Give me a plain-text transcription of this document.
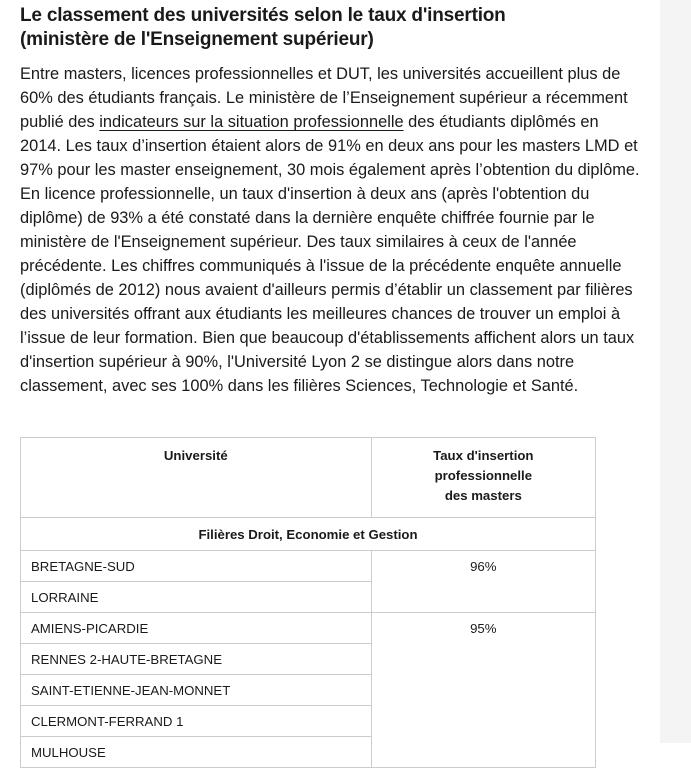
Le classement des universités selon le taux d'insertion
(ministère de l'Enseignement supérieur)

Entre masters, licences professionnelles et DUT, les universités accueillent plus de 60% des étudiants français. Le ministère de l’Enseignement supérieur a récemment publié des indicateurs sur la situation professionnelle des étudiants diplômés en 2014. Les taux d’insertion étaient alors de 91% en deux ans pour les masters LMD et 97% pour les master enseignement, 30 mois également après l’obtention du diplôme. En licence professionnelle, un taux d'insertion à deux ans (après l'obtention du diplôme) de 93% a été constaté dans la dernière enquête chiffrée fournie par le ministère de l'Enseignement supérieur. Des taux similaires à ceux de l'année précédente. Les chiffres communiqués à l'issue de la précédente enquête annuelle (diplômés de 2012) nous avaient d'ailleurs permis d’établir un classement par filières des universités offrant aux étudiants les meilleures chances de trouver un emploi à l’issue de leur formation. Bien que beaucoup d'établissements affichent alors un taux d'insertion supérieur à 90%, l'Université Lyon 2 se distingue alors dans notre classement, avec ses 100% dans les filières Sciences, Technologie et Santé.

Université	Taux d'insertion
professionnelle
des masters

Filières Droit, Economie et Gestion	
BRETAGNE-SUD	96%
LORRAINE	
AMIENS-PICARDIE	95%
RENNES 2-HAUTE-BRETAGNE	
SAINT-ETIENNE-JEAN-MONNET	
CLERMONT-FERRAND 1	
MULHOUSE	
